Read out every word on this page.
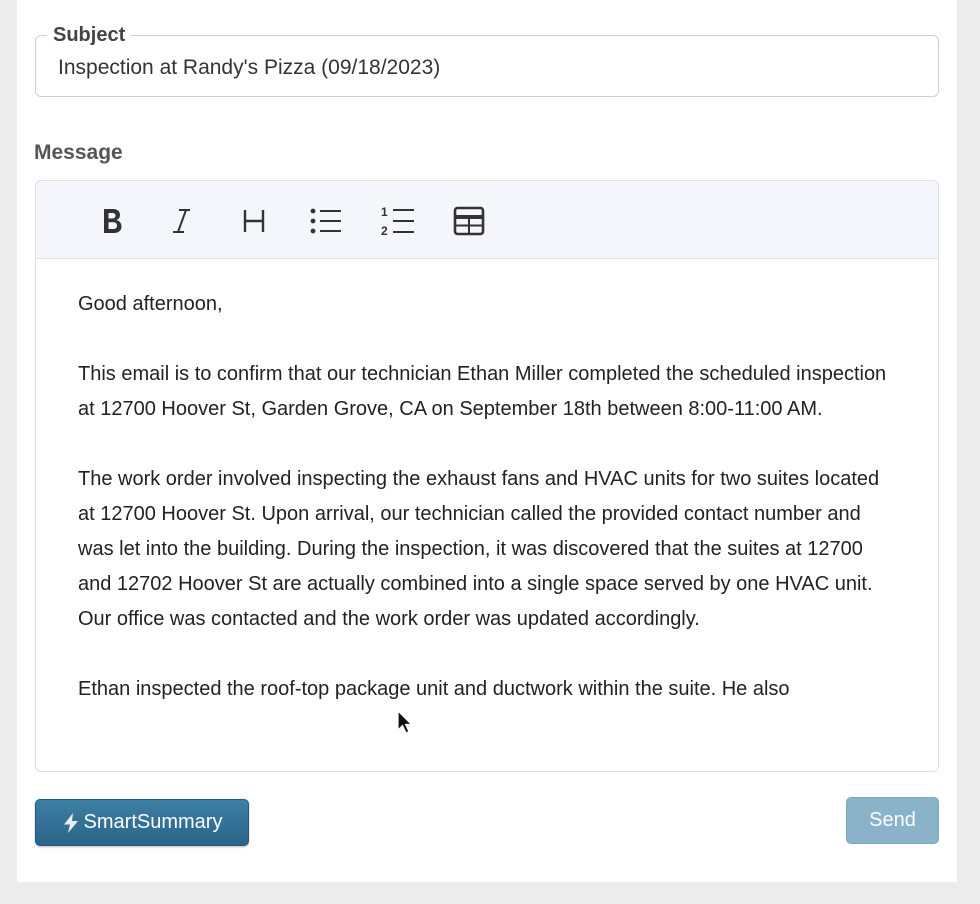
Inspection at Randy's Pizza (09/18/2023)
Subject
Message
1
2

Good afternoon,

This email is to confirm that our technician Ethan Miller completed the scheduled inspection at 12700 Hoover St, Garden Grove, CA on September 18th between 8:00-11:00 AM.

The work order involved inspecting the exhaust fans and HVAC units for two suites located at 12700 Hoover St. Upon arrival, our technician called the provided contact number and was let into the building. During the inspection, it was discovered that the suites at 12700 and 12702 Hoover St are actually combined into a single space served by one HVAC unit. Our office was contacted and the work order was updated accordingly.

Ethan inspected the roof-top package unit and ductwork within the suite. He also

SmartSummary	Send
